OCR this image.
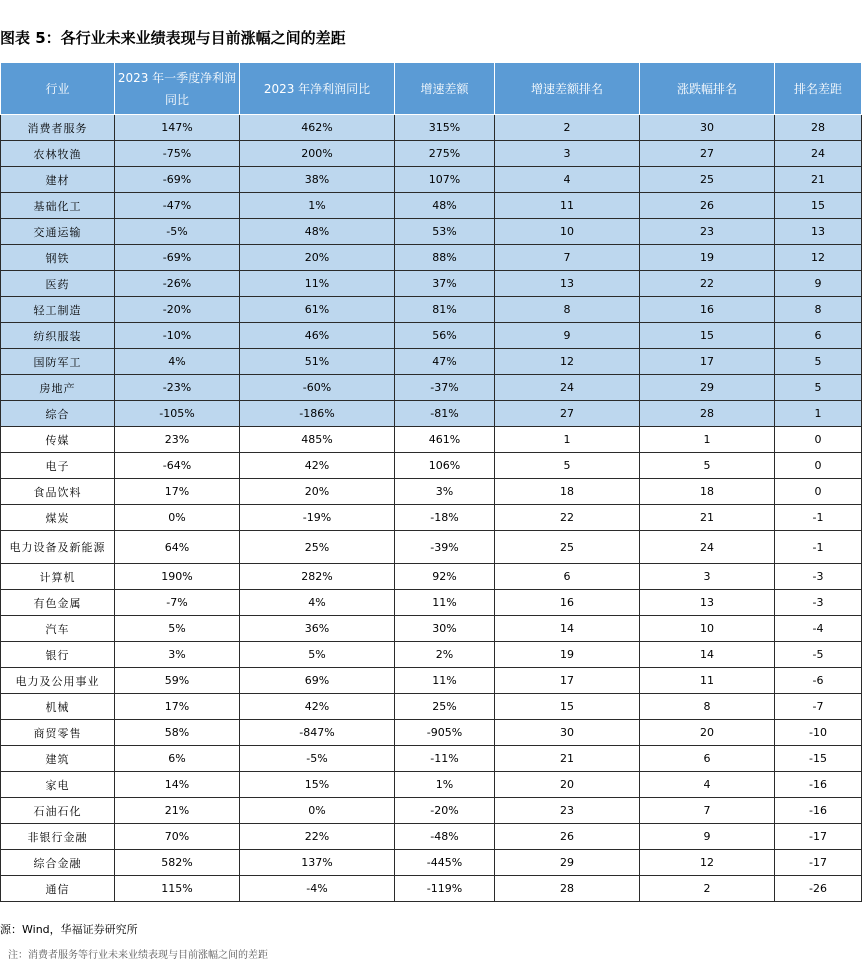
图表 5：各行业未来业绩表现与目前涨幅之间的差距
行业	2023 年一季度净利润同比	2023 年净利润同比	增速差额	增速差额排名	涨跌幅排名	排名差距
消费者服务	147%	462%	315%	2	30	28
农林牧渔	-75%	200%	275%	3	27	24
建材	-69%	38%	107%	4	25	21
基础化工	-47%	1%	48%	11	26	15
交通运输	-5%	48%	53%	10	23	13
钢铁	-69%	20%	88%	7	19	12
医药	-26%	11%	37%	13	22	9
轻工制造	-20%	61%	81%	8	16	8
纺织服装	-10%	46%	56%	9	15	6
国防军工	4%	51%	47%	12	17	5
房地产	-23%	-60%	-37%	24	29	5
综合	-105%	-186%	-81%	27	28	1
传媒	23%	485%	461%	1	1	0
电子	-64%	42%	106%	5	5	0
食品饮料	17%	20%	3%	18	18	0
煤炭	0%	-19%	-18%	22	21	-1
电力设备及新能源	64%	25%	-39%	25	24	-1
计算机	190%	282%	92%	6	3	-3
有色金属	-7%	4%	11%	16	13	-3
汽车	5%	36%	30%	14	10	-4
银行	3%	5%	2%	19	14	-5
电力及公用事业	59%	69%	11%	17	11	-6
机械	17%	42%	25%	15	8	-7
商贸零售	58%	-847%	-905%	30	20	-10
建筑	6%	-5%	-11%	21	6	-15
家电	14%	15%	1%	20	4	-16
石油石化	21%	0%	-20%	23	7	-16
非银行金融	70%	22%	-48%	26	9	-17
综合金融	582%	137%	-445%	29	12	-17
通信	115%	-4%	-119%	28	2	-26
源：Wind，华福证券研究所
注：消费者服务等行业未来业绩表现与目前涨幅之间的差距
